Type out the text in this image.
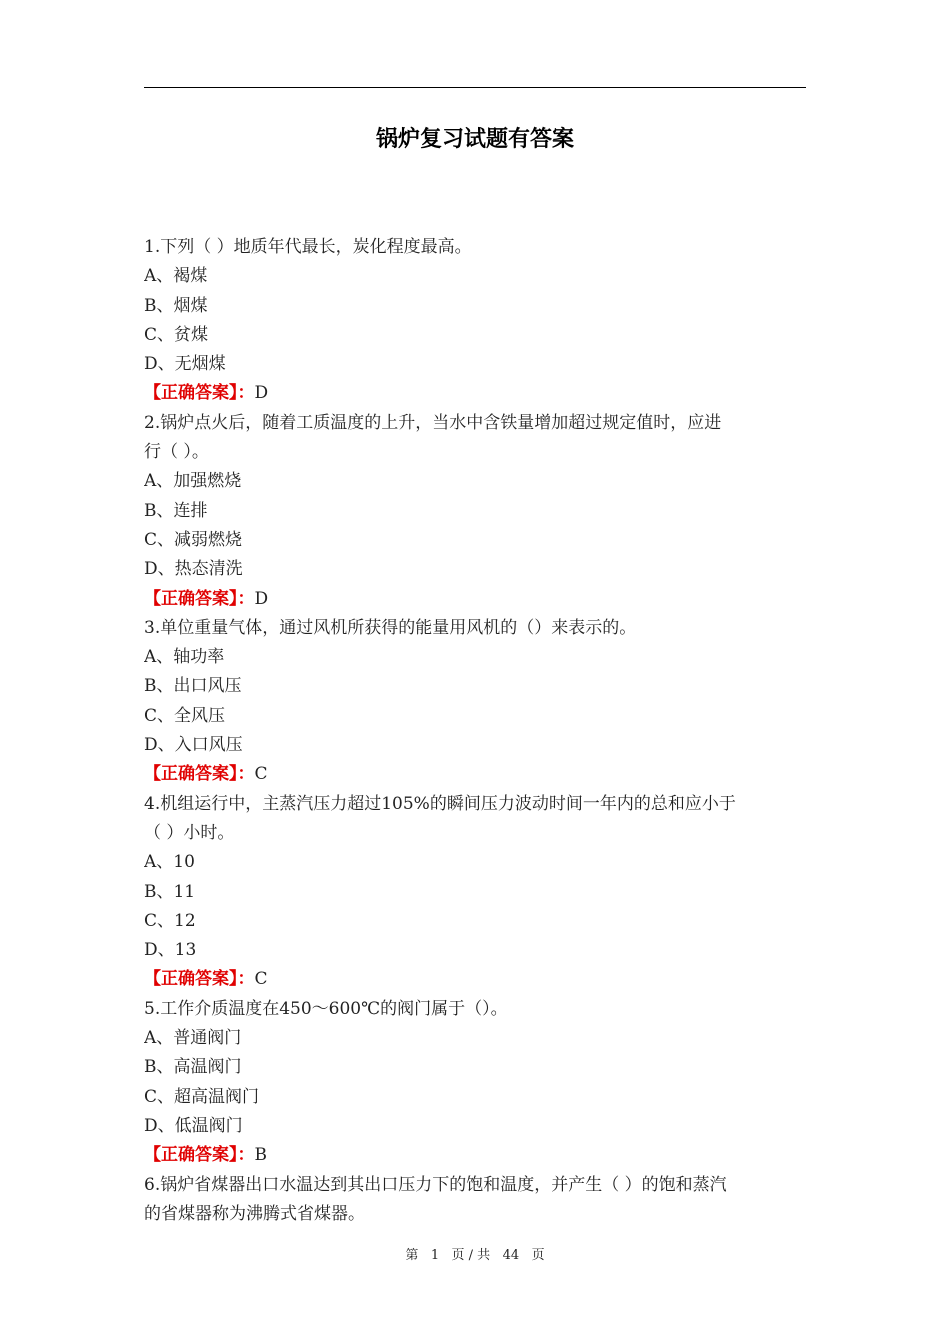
锅炉复习试题有答案
1.下列（ ）地质年代最长，炭化程度最高。
A、褐煤
B、烟煤
C、贫煤
D、无烟煤
【正确答案】：D
2.锅炉点火后，随着工质温度的上升，当水中含铁量增加超过规定值时，应进
行（ ）。
A、加强燃烧
B、连排
C、减弱燃烧
D、热态清洗
【正确答案】：D
3.单位重量气体，通过风机所获得的能量用风机的（）来表示的。
A、轴功率
B、出口风压
C、全风压
D、入口风压
【正确答案】：C
4.机组运行中，主蒸汽压力超过105%的瞬间压力波动时间一年内的总和应小于
（ ）小时。
A、10
B、11
C、12
D、13
【正确答案】：C
5.工作介质温度在450～600℃的阀门属于（）。
A、普通阀门
B、高温阀门
C、超高温阀门
D、低温阀门
【正确答案】：B
6.锅炉省煤器出口水温达到其出口压力下的饱和温度，并产生（ ）的饱和蒸汽
的省煤器称为沸腾式省煤器。
第 1 页 / 共 44 页
